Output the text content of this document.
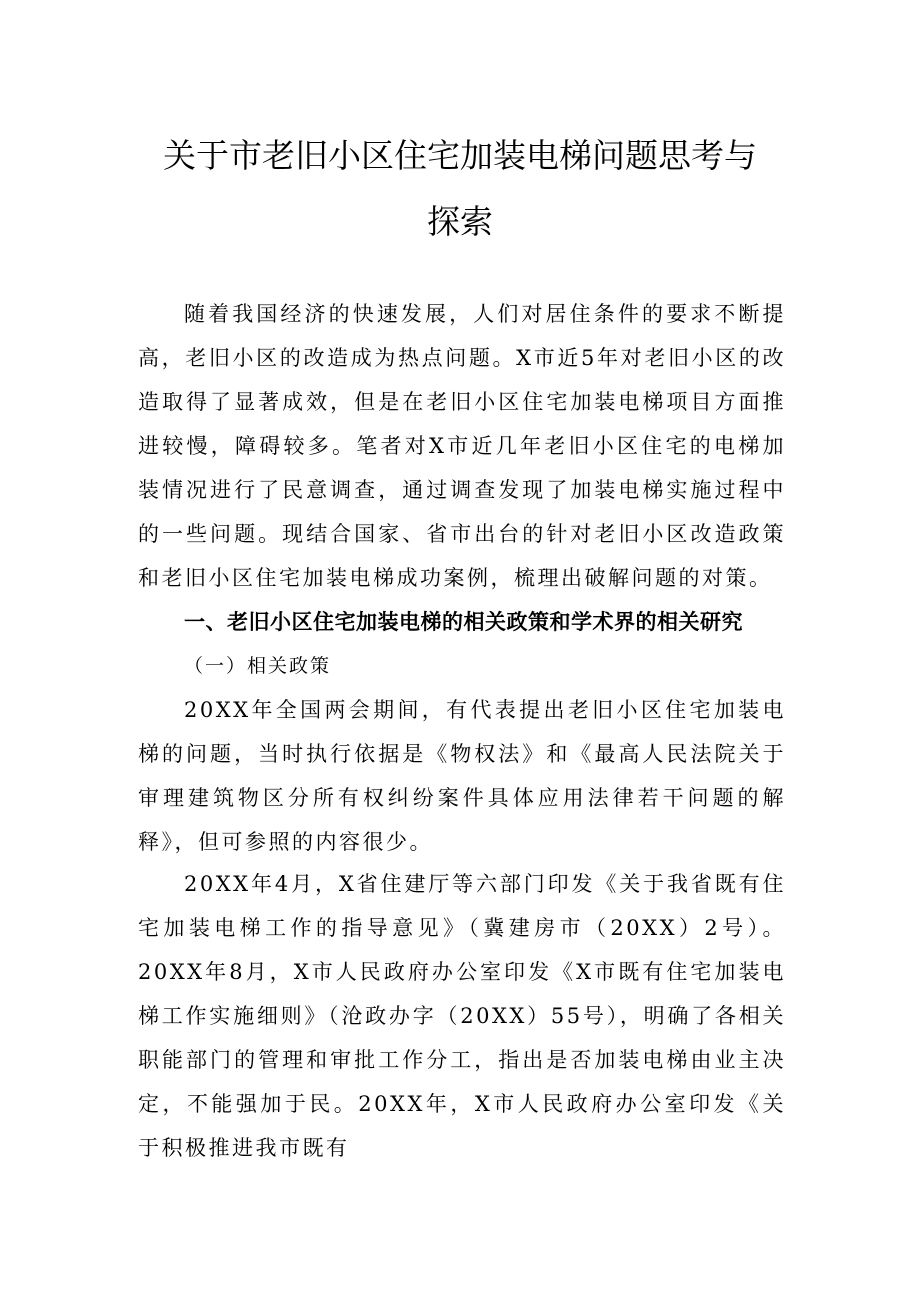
关于市老旧小区住宅加装电梯问题思考与
探索
随着我国经济的快速发展，人们对居住条件的要求不断提高，老旧小区的改造成为热点问题。X市近5年对老旧小区的改造取得了显著成效，但是在老旧小区住宅加装电梯项目方面推进较慢，障碍较多。笔者对X市近几年老旧小区住宅的电梯加装情况进行了民意调查，通过调查发现了加装电梯实施过程中的一些问题。现结合国家、省市出台的针对老旧小区改造政策和老旧小区住宅加装电梯成功案例，梳理出破解问题的对策。
一、老旧小区住宅加装电梯的相关政策和学术界的相关研究
（一）相关政策
20XX年全国两会期间，有代表提出老旧小区住宅加装电梯的问题，当时执行依据是《物权法》和《最高人民法院关于审理建筑物区分所有权纠纷案件具体应用法律若干问题的解释》，但可参照的内容很少。
20XX年4月，X省住建厅等六部门印发《关于我省既有住宅加装电梯工作的指导意见》（冀建房市（20XX）2号）。20XX年8月，X市人民政府办公室印发《X市既有住宅加装电梯工作实施细则》（沧政办字（20XX）55号），明确了各相关职能部门的管理和审批工作分工，指出是否加装电梯由业主决定，不能强加于民。20XX年，X市人民政府办公室印发《关于积极推进我市既有
